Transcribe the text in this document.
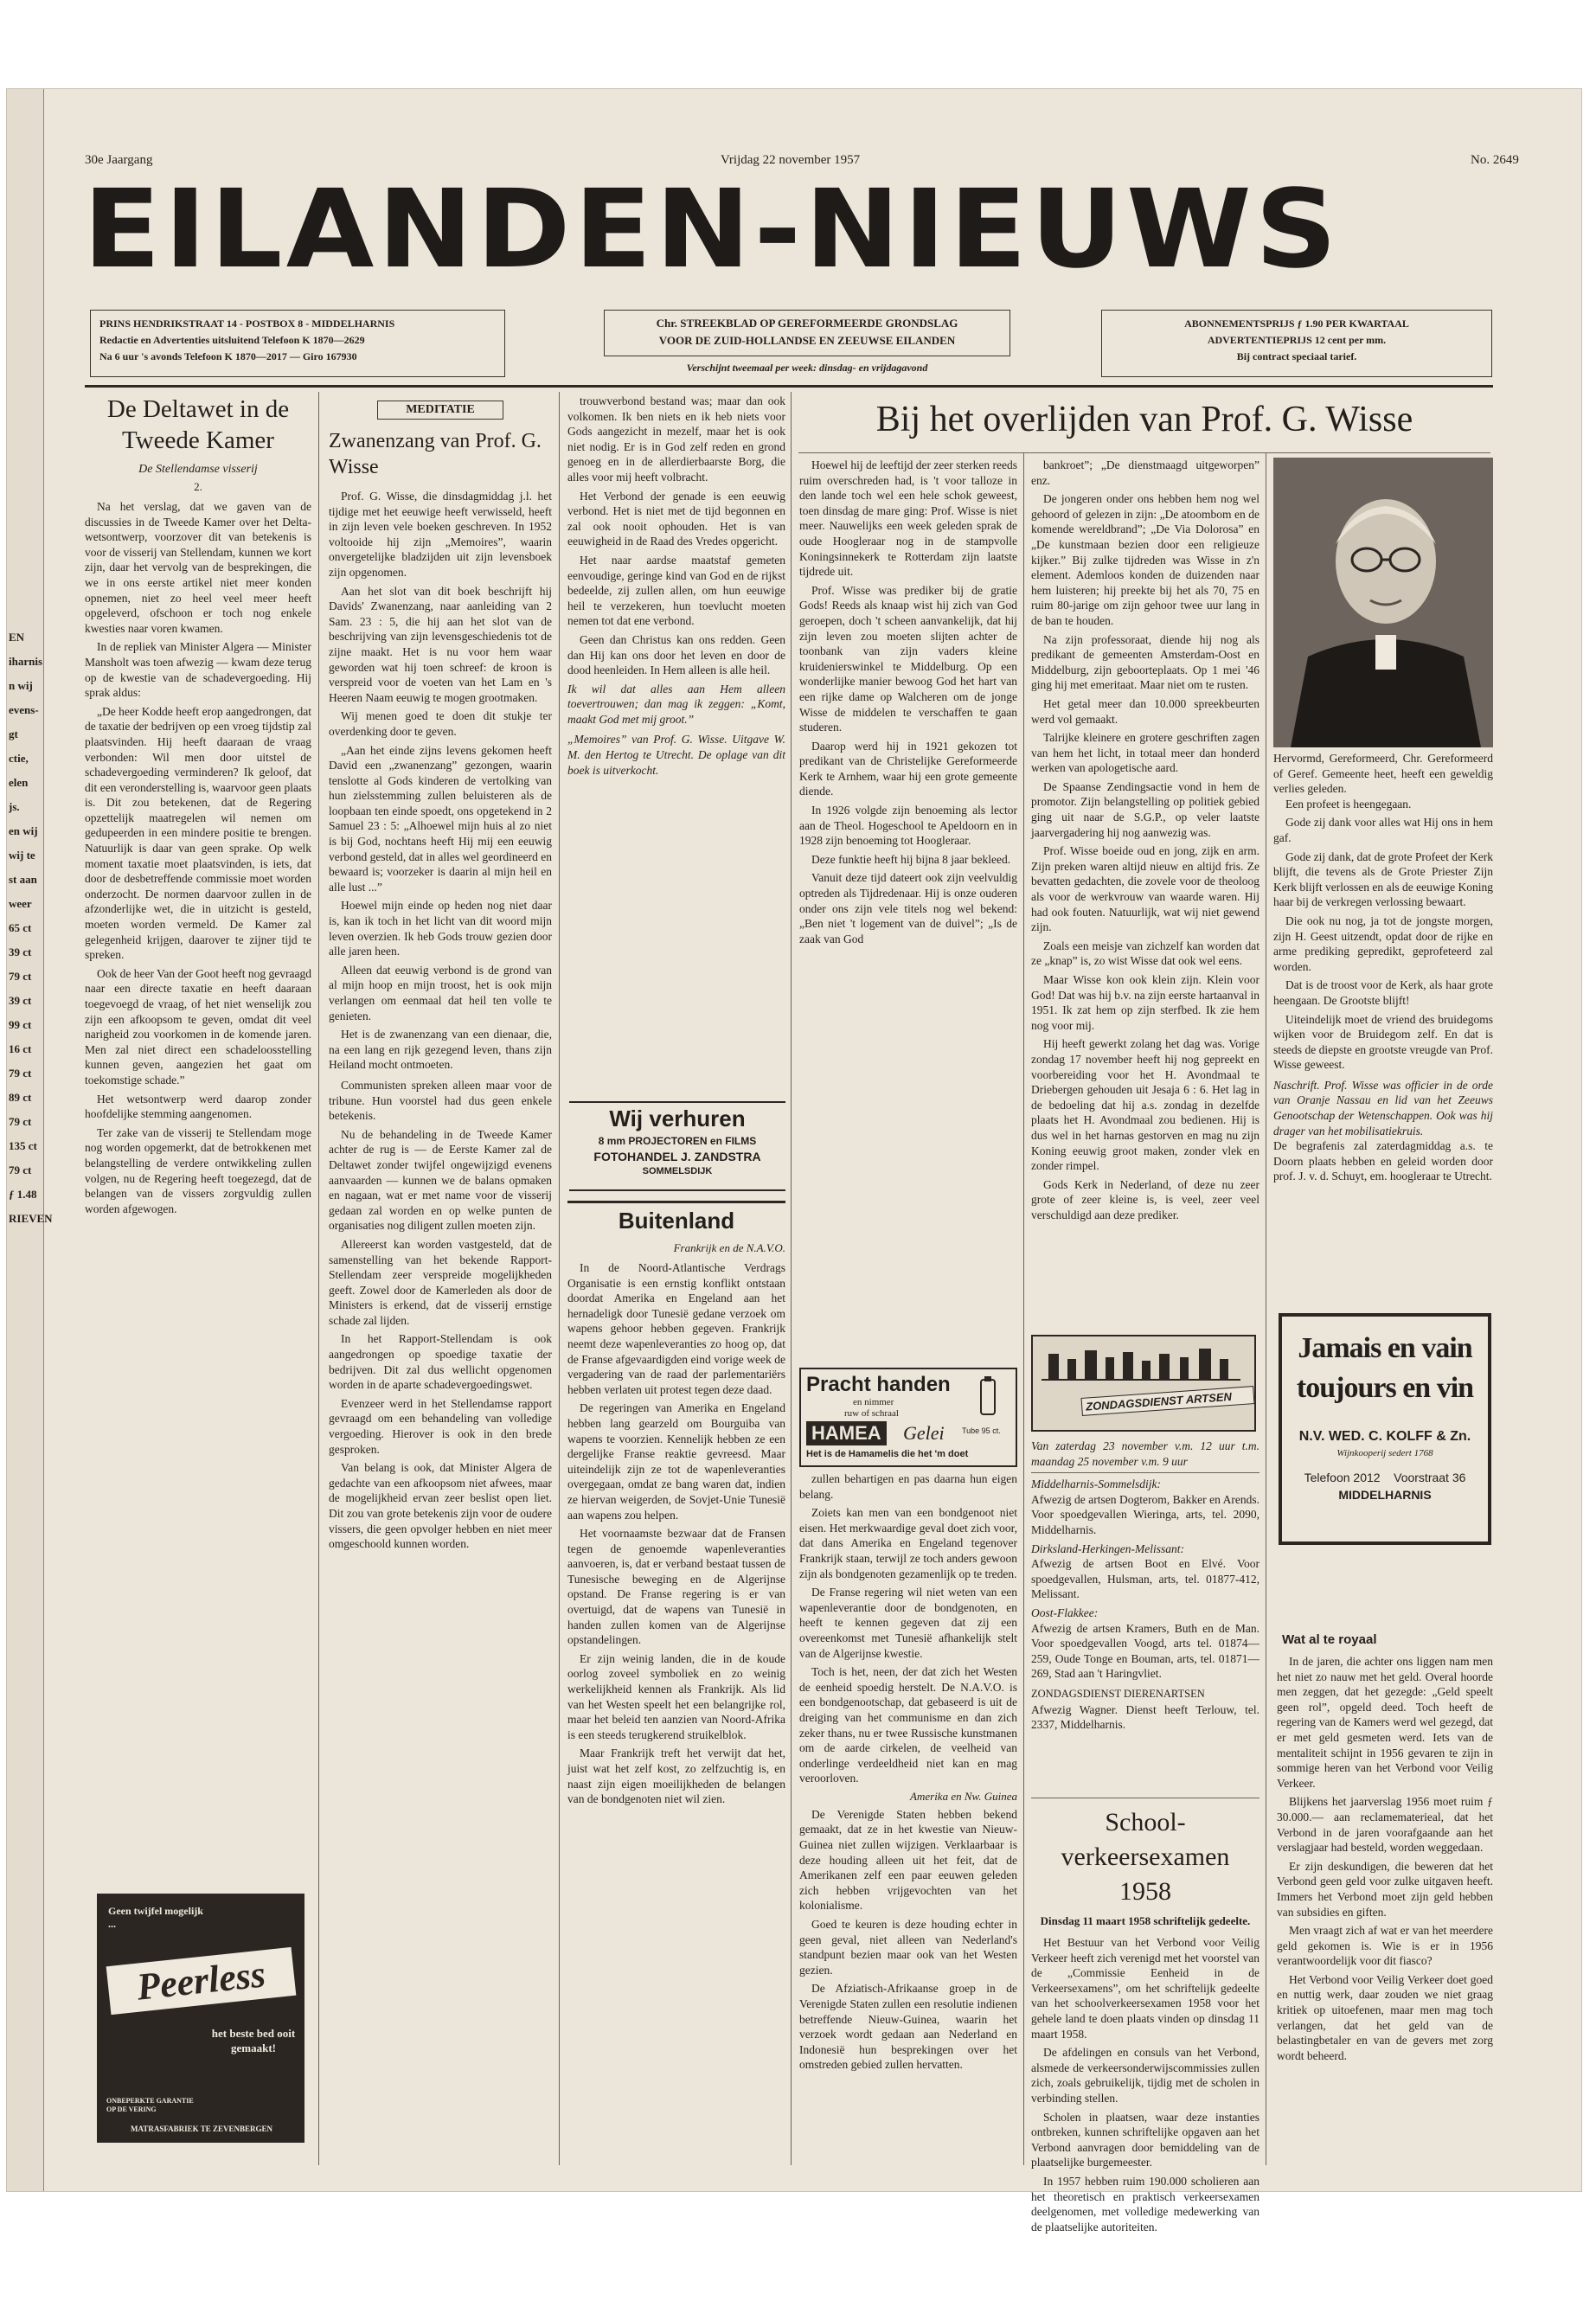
EN
iharnis
n wij
evens-
gt
ctie,
elen
js.
en wij
wij te
st aan
weer
65 ct
39 ct
79 ct
39 ct
99 ct
16 ct
79 ct
89 ct
79 ct
135 ct
79 ct
ƒ 1.48
RIEVEN
30e Jaargang	Vrijdag 22 november 1957	No. 2649
EILANDEN-NIEUWS
PRINS HENDRIKSTRAAT 14 - POSTBOX 8 - MIDDELHARNIS
Redactie en Advertenties uitsluitend Telefoon K 1870—2629
Na 6 uur 's avonds Telefoon K 1870—2017 — Giro 167930
Chr. STREEKBLAD OP GEREFORMEERDE GRONDSLAG
VOOR DE ZUID-HOLLANDSE EN ZEEUWSE EILANDEN
Verschijnt tweemaal per week: dinsdag- en vrijdagavond
ABONNEMENTSPRIJS ƒ 1.90 PER KWARTAAL
ADVERTENTIEPRIJS 12 cent per mm.
Bij contract speciaal tarief.
De Deltawet in de Tweede Kamer
De Stellendamse visserij
2.

Na het verslag, dat we gaven van de discussies in de Tweede Kamer over het Delta-wetsontwerp, voorzover dit van betekenis is voor de visserij van Stellendam, kunnen we kort zijn, daar het vervolg van de besprekingen, die we in ons eerste artikel niet meer konden opnemen, niet zo heel veel meer heeft opgeleverd, ofschoon er toch nog enkele kwesties naar voren kwamen.

In de repliek van Minister Algera — Minister Mansholt was toen afwezig — kwam deze terug op de kwestie van de schadevergoeding. Hij sprak aldus:

„De heer Kodde heeft erop aangedrongen, dat de taxatie der bedrijven op een vroeg tijdstip zal plaatsvinden. Hij heeft daaraan de vraag verbonden: Wil men door uitstel de schadevergoeding verminderen? Ik geloof, dat dit een veronderstelling is, waarvoor geen plaats is. Dit zou betekenen, dat de Regering opzettelijk maatregelen wil nemen om gedupeerden in een mindere positie te brengen. Natuurlijk is daar van geen sprake. Op welk moment taxatie moet plaatsvinden, is iets, dat door de desbetreffende commissie moet worden onderzocht. De normen daarvoor zullen in de afzonderlijke wet, die in uitzicht is gesteld, moeten worden vermeld. De Kamer zal gelegenheid krijgen, daarover te zijner tijd te spreken.

Ook de heer Van der Goot heeft nog gevraagd naar een directe taxatie en heeft daaraan toegevoegd de vraag, of het niet wenselijk zou zijn een afkoopsom te geven, omdat dit veel narigheid zou voorkomen in de komende jaren. Men zal niet direct een schadeloosstelling kunnen geven, aangezien het gaat om toekomstige schade.”

Het wetsontwerp werd daarop zonder hoofdelijke stemming aangenomen.

Ter zake van de visserij te Stellendam moge nog worden opgemerkt, dat de betrokkenen met belangstelling de verdere ontwikkeling zullen volgen, nu de Regering heeft toegezegd, dat de belangen van de vissers zorgvuldig zullen worden afgewogen.

Geen twijfel mogelijk ...
Peerless
het beste bed ooit gemaakt!
ONBEPERKTE GARANTIE OP DE VERING
MATRASFABRIEK TE ZEVENBERGEN
MEDITATIE
Zwanenzang van Prof. G. Wisse

Prof. G. Wisse, die dinsdagmiddag j.l. het tijdige met het eeuwige heeft verwisseld, heeft in zijn leven vele boeken geschreven. In 1952 voltooide hij zijn „Memoires”, waarin onvergetelijke bladzijden uit zijn levensboek zijn opgenomen.

Aan het slot van dit boek beschrijft hij Davids' Zwanenzang, naar aanleiding van 2 Sam. 23 : 5, die hij aan het slot van de beschrijving van zijn levensgeschiedenis tot de zijne maakt. Het is nu voor hem waar geworden wat hij toen schreef: de kroon is verspreid voor de voeten van het Lam en 's Heeren Naam eeuwig te mogen grootmaken.

Wij menen goed te doen dit stukje ter overdenking door te geven.

„Aan het einde zijns levens gekomen heeft David een „zwanenzang” gezongen, waarin tenslotte al Gods kinderen de vertolking van hun zielsstemming zullen beluisteren als de loopbaan ten einde spoedt, ons opgetekend in 2 Samuel 23 : 5: „Alhoewel mijn huis al zo niet is bij God, nochtans heeft Hij mij een eeuwig verbond gesteld, dat in alles wel geordineerd en bewaard is; voorzeker is daarin al mijn heil en alle lust ...”

Hoewel mijn einde op heden nog niet daar is, kan ik toch in het licht van dit woord mijn leven overzien. Ik heb Gods trouw gezien door alle jaren heen.

Alleen dat eeuwig verbond is de grond van al mijn hoop en mijn troost, het is ook mijn verlangen om eenmaal dat heil ten volle te genieten.

Het is de zwanenzang van een dienaar, die, na een lang en rijk gezegend leven, thans zijn Heiland mocht ontmoeten.

Communisten spreken alleen maar voor de tribune. Hun voorstel had dus geen enkele betekenis.

Nu de behandeling in de Tweede Kamer achter de rug is — de Eerste Kamer zal de Deltawet zonder twijfel ongewijzigd evenens aanvaarden — kunnen we de balans opmaken en nagaan, wat er met name voor de visserij gedaan zal worden en op welke punten de organisaties nog diligent zullen moeten zijn.

Allereerst kan worden vastgesteld, dat de samenstelling van het bekende Rapport-Stellendam zeer verspreide mogelijkheden geeft. Zowel door de Kamerleden als door de Ministers is erkend, dat de visserij ernstige schade zal lijden.

In het Rapport-Stellendam is ook aangedrongen op spoedige taxatie der bedrijven. Dit zal dus wellicht opgenomen worden in de aparte schadevergoedingswet.

Evenzeer werd in het Stellendamse rapport gevraagd om een behandeling van volledige vergoeding. Hierover is ook in den brede gesproken.

Van belang is ook, dat Minister Algera de gedachte van een afkoopsom niet afwees, maar de mogelijkheid ervan zeer beslist open liet. Dit zou van grote betekenis zijn voor de oudere vissers, die geen opvolger hebben en niet meer omgeschoold kunnen worden.

trouwverbond bestand was; maar dan ook volkomen. Ik ben niets en ik heb niets voor Gods aangezicht in mezelf, maar het is ook niet nodig. Er is in God zelf reden en grond genoeg en in de allerdierbaarste Borg, die alles voor mij heeft volbracht.

Het Verbond der genade is een eeuwig verbond. Het is niet met de tijd begonnen en zal ook nooit ophouden. Het is van eeuwigheid in de Raad des Vredes opgericht.

Het naar aardse maatstaf gemeten eenvoudige, geringe kind van God en de rijkst bedeelde, zij zullen allen, om hun eeuwige heil te verzekeren, hun toevlucht moeten nemen tot dat ene verbond.

Geen dan Christus kan ons redden. Geen dan Hij kan ons door het leven en door de dood heenleiden. In Hem alleen is alle heil.

Ik wil dat alles aan Hem alleen toevertrouwen; dan mag ik zeggen: „Komt, maakt God met mij groot.”
„Memoires” van Prof. G. Wisse. Uitgave W. M. den Hertog te Utrecht. De oplage van dit boek is uitverkocht.
Wij verhuren
8 mm PROJECTOREN en FILMS
FOTOHANDEL J. ZANDSTRA
SOMMELSDIJK
Buitenland
Frankrijk en de N.A.V.O.

In de Noord-Atlantische Verdrags Organisatie is een ernstig konflikt ontstaan doordat Amerika en Engeland aan het hernadeligk door Tunesië gedane verzoek om wapens gehoor hebben gegeven. Frankrijk neemt deze wapenleveranties zo hoog op, dat de Franse afgevaardigden eind vorige week de vergadering van de raad der parlementariërs hebben verlaten uit protest tegen deze daad.

De regeringen van Amerika en Engeland hebben lang gearzeld om Bourguiba van wapens te voorzien. Kennelijk hebben ze een dergelijke Franse reaktie gevreesd. Maar uiteindelijk zijn ze tot de wapenleveranties overgegaan, omdat ze bang waren dat, indien ze hiervan weigerden, de Sovjet-Unie Tunesië aan wapens zou helpen.

Het voornaamste bezwaar dat de Fransen tegen de genoemde wapenleveranties aanvoeren, is, dat er verband bestaat tussen de Tunesische beweging en de Algerijnse opstand. De Franse regering is er van overtuigd, dat de wapens van Tunesië in handen zullen komen van de Algerijnse opstandelingen.

Er zijn weinig landen, die in de koude oorlog zoveel symboliek en zo weinig werkelijkheid kennen als Frankrijk. Als lid van het Westen speelt het een belangrijke rol, maar het beleid ten aanzien van Noord-Afrika is een steeds terugkerend struikelblok.

Maar Frankrijk treft het verwijt dat het, juist wat het zelf kost, zo zelfzuchtig is, en naast zijn eigen moeilijkheden de belangen van de bondgenoten niet wil zien.

Bij het overlijden van Prof. G. Wisse

Hoewel hij de leeftijd der zeer sterken reeds ruim overschreden had, is 't voor talloze in den lande toch wel een hele schok geweest, toen dinsdag de mare ging: Prof. Wisse is niet meer. Nauwelijks een week geleden sprak de oude Hoogleraar nog in de stampvolle Koningsinnekerk te Rotterdam zijn laatste tijdrede uit.

Prof. Wisse was prediker bij de gratie Gods! Reeds als knaap wist hij zich van God geroepen, doch 't scheen aanvankelijk, dat hij zijn leven zou moeten slijten achter de toonbank van zijn vaders kleine kruidenierswinkel te Middelburg. Op een wonderlijke manier bewoog God het hart van een rijke dame op Walcheren om de jonge Wisse de middelen te verschaffen te gaan studeren.

Daarop werd hij in 1921 gekozen tot predikant van de Christelijke Gereformeerde Kerk te Arnhem, waar hij een grote gemeente diende.

In 1926 volgde zijn benoeming als lector aan de Theol. Hogeschool te Apeldoorn en in 1928 zijn benoeming tot Hoogleraar.

Deze funktie heeft hij bijna 8 jaar bekleed.

Vanuit deze tijd dateert ook zijn veelvuldig optreden als Tijdredenaar. Hij is onze ouderen onder ons zijn vele titels nog wel bekend: „Ben niet 't logement van de duivel”; „Is de zaak van God

Pracht handen
en nimmer
ruw of schraal
HAMEA Gelei Tube 95 ct.
Het is de Hamamelis die het 'm doet

zullen behartigen en pas daarna hun eigen belang.

Zoiets kan men van een bondgenoot niet eisen. Het merkwaardige geval doet zich voor, dat dans Amerika en Engeland tegenover Frankrijk staan, terwijl ze toch anders gewoon zijn als bondgenoten gezamenlijk op te treden.

De Franse regering wil niet weten van een wapenleverantie door de bondgenoten, en heeft te kennen gegeven dat zij een overeenkomst met Tunesië afhankelijk stelt van de Algerijnse kwestie.

Toch is het, neen, der dat zich het Westen de eenheid spoedig herstelt. De N.A.V.O. is een bondgenootschap, dat gebaseerd is uit de dreiging van het communisme en dan zich zeker thans, nu er twee Russische kunstmanen om de aarde cirkelen, de veelheid van onderlinge verdeeldheid niet kan en mag veroorloven.

Amerika en Nw. Guinea

De Verenigde Staten hebben bekend gemaakt, dat ze in het kwestie van Nieuw-Guinea niet zullen wijzigen. Verklaarbaar is deze houding alleen uit het feit, dat de Amerikanen zelf een paar eeuwen geleden zich hebben vrijgevochten van het kolonialisme.

Goed te keuren is deze houding echter in geen geval, niet alleen van Nederland's standpunt bezien maar ook van het Westen gezien.

De Afziatisch-Afrikaanse groep in de Verenigde Staten zullen een resolutie indienen betreffende Nieuw-Guinea, waarin het verzoek wordt gedaan aan Nederland en Indonesië hun besprekingen over het omstreden gebied zullen hervatten.

bankroet”; „De dienstmaagd uitgeworpen” enz.

De jongeren onder ons hebben hem nog wel gehoord of gelezen in zijn: „De atoombom en de komende wereldbrand”; „De Via Dolorosa” en „De kunstmaan bezien door een religieuze kijker.” Bij zulke tijdreden was Wisse in z'n element. Ademloos konden de duizenden naar hem luisteren; hij preekte bij het als 70, 75 en ruim 80-jarige om zijn gehoor twee uur lang in de ban te houden.

Na zijn professoraat, diende hij nog als predikant de gemeenten Amsterdam-Oost en Middelburg, zijn geboorteplaats. Op 1 mei '46 ging hij met emeritaat. Maar niet om te rusten.

Het getal meer dan 10.000 spreekbeurten werd vol gemaakt.

Talrijke kleinere en grotere geschriften zagen van hem het licht, in totaal meer dan honderd werken van apologetische aard.

De Spaanse Zendingsactie vond in hem de promotor. Zijn belangstelling op politiek gebied ging uit naar de S.G.P., op veler laatste jaarvergadering hij nog aanwezig was.

Prof. Wisse boeide oud en jong, zijk en arm. Zijn preken waren altijd nieuw en altijd fris. Ze bevatten gedachten, die zovele voor de theoloog als voor de werkvrouw van waarde waren. Hij had ook fouten. Natuurlijk, wat wij niet gewend zijn.

Zoals een meisje van zichzelf kan worden dat ze „knap” is, zo wist Wisse dat ook wel eens.

Maar Wisse kon ook klein zijn. Klein voor God! Dat was hij b.v. na zijn eerste hartaanval in 1951. Ik zat hem op zijn sterfbed. Ik zie hem nog voor mij.

Hij heeft gewerkt zolang het dag was. Vorige zondag 17 november heeft hij nog gepreekt en voorbereiding voor het H. Avondmaal te Driebergen gehouden uit Jesaja 6 : 6. Het lag in de bedoeling dat hij a.s. zondag in dezelfde plaats het H. Avondmaal zou bedienen. Hij is dus wel in het harnas gestorven en mag nu zijn Koning eeuwig groot maken, zonder vlek en zonder rimpel.

Gods Kerk in Nederland, of deze nu zeer grote of zeer kleine is, is veel, zeer veel verschuldigd aan deze prediker.

ZONDAGSDIENST ARTSEN
Van zaterdag 23 november v.m. 12 uur t.m. maandag 25 november v.m. 9 uur
Middelharnis-Sommelsdijk:
Afwezig de artsen Dogterom, Bakker en Arends. Voor spoedgevallen Wieringa, arts, tel. 2090, Middelharnis.
Dirksland-Herkingen-Melissant:
Afwezig de artsen Boot en Elvé. Voor spoedgevallen, Hulsman, arts, tel. 01877-412, Melissant.
Oost-Flakkee:
Afwezig de artsen Kramers, Buth en de Man. Voor spoedgevallen Voogd, arts tel. 01874—259, Oude Tonge en Bouman, arts, tel. 01871—269, Stad aan 't Haringvliet.
ZONDAGSDIENST DIERENARTSEN
Afwezig Wagner. Dienst heeft Terlouw, tel. 2337, Middelharnis.
School-verkeersexamen 1958
Dinsdag 11 maart 1958 schriftelijk gedeelte.

Het Bestuur van het Verbond voor Veilig Verkeer heeft zich verenigd met het voorstel van de „Commissie Eenheid in de Verkeersexamens”, om het schriftelijk gedeelte van het schoolverkeersexamen 1958 voor het gehele land te doen plaats vinden op dinsdag 11 maart 1958.

De afdelingen en consuls van het Verbond, alsmede de verkeersonderwijscommissies zullen zich, zoals gebruikelijk, tijdig met de scholen in verbinding stellen.

Scholen in plaatsen, waar deze instanties ontbreken, kunnen schriftelijke opgaven aan het Verbond aanvragen door bemiddeling van de plaatselijke burgemeester.

In 1957 hebben ruim 190.000 scholieren aan het theoretisch en praktisch verkeersexamen deelgenomen, met volledige medewerking van de plaatselijke autoriteiten.

Hervormd, Gereformeerd, Chr. Gereformeerd of Geref. Gemeente heet, heeft een geweldig verlies geleden.

Een profeet is heengegaan.

Gode zij dank voor alles wat Hij ons in hem gaf.

Gode zij dank, dat de grote Profeet der Kerk blijft, die tevens als de Grote Priester Zijn Kerk blijft verlossen en als de eeuwige Koning haar bij de verkregen verlossing bewaart.

Die ook nu nog, ja tot de jongste morgen, zijn H. Geest uitzendt, opdat door de rijke en arme prediking gepredikt, geprofeteerd zal worden.

Dat is de troost voor de Kerk, als haar grote heengaan. De Grootste blijft!

Uiteindelijk moet de vriend des bruidegoms wijken voor de Bruidegom zelf. En dat is steeds de diepste en grootste vreugde van Prof. Wisse geweest.

Naschrift. Prof. Wisse was officier in de orde van Oranje Nassau en lid van het Zeeuws Genootschap der Wetenschappen. Ook was hij drager van het mobilisatiekruis.
De begrafenis zal zaterdagmiddag a.s. te Doorn plaats hebben en geleid worden door prof. J. v. d. Schuyt, em. hoogleraar te Utrecht.
Jamais en vain
toujours en vin
N.V. WED. C. KOLFF & Zn.
Wijnkooperij sedert 1768
Telefoon 2012 Voorstraat 36
MIDDELHARNIS
Wat al te royaal

In de jaren, die achter ons liggen nam men het niet zo nauw met het geld. Overal hoorde men zeggen, dat het gezegde: „Geld speelt geen rol”, opgeld deed. Toch heeft de regering van de Kamers werd wel gezegd, dat er met geld gesmeten werd. Iets van de mentaliteit schijnt in 1956 gevaren te zijn in sommige heren van het Verbond voor Veilig Verkeer.

Blijkens het jaarverslag 1956 moet ruim ƒ 30.000.— aan reclamematerieal, dat het Verbond in de jaren voorafgaande aan het verslagjaar had besteld, worden weggedaan.

Er zijn deskundigen, die beweren dat het Verbond geen geld voor zulke uitgaven heeft. Immers het Verbond moet zijn geld hebben van subsidies en giften.

Men vraagt zich af wat er van het meerdere geld gekomen is. Wie is er in 1956 verantwoordelijk voor dit fiasco?

Het Verbond voor Veilig Verkeer doet goed en nuttig werk, daar zouden we niet graag kritiek op uitoefenen, maar men mag toch verlangen, dat het geld van de belastingbetaler en van de gevers met zorg wordt beheerd.
